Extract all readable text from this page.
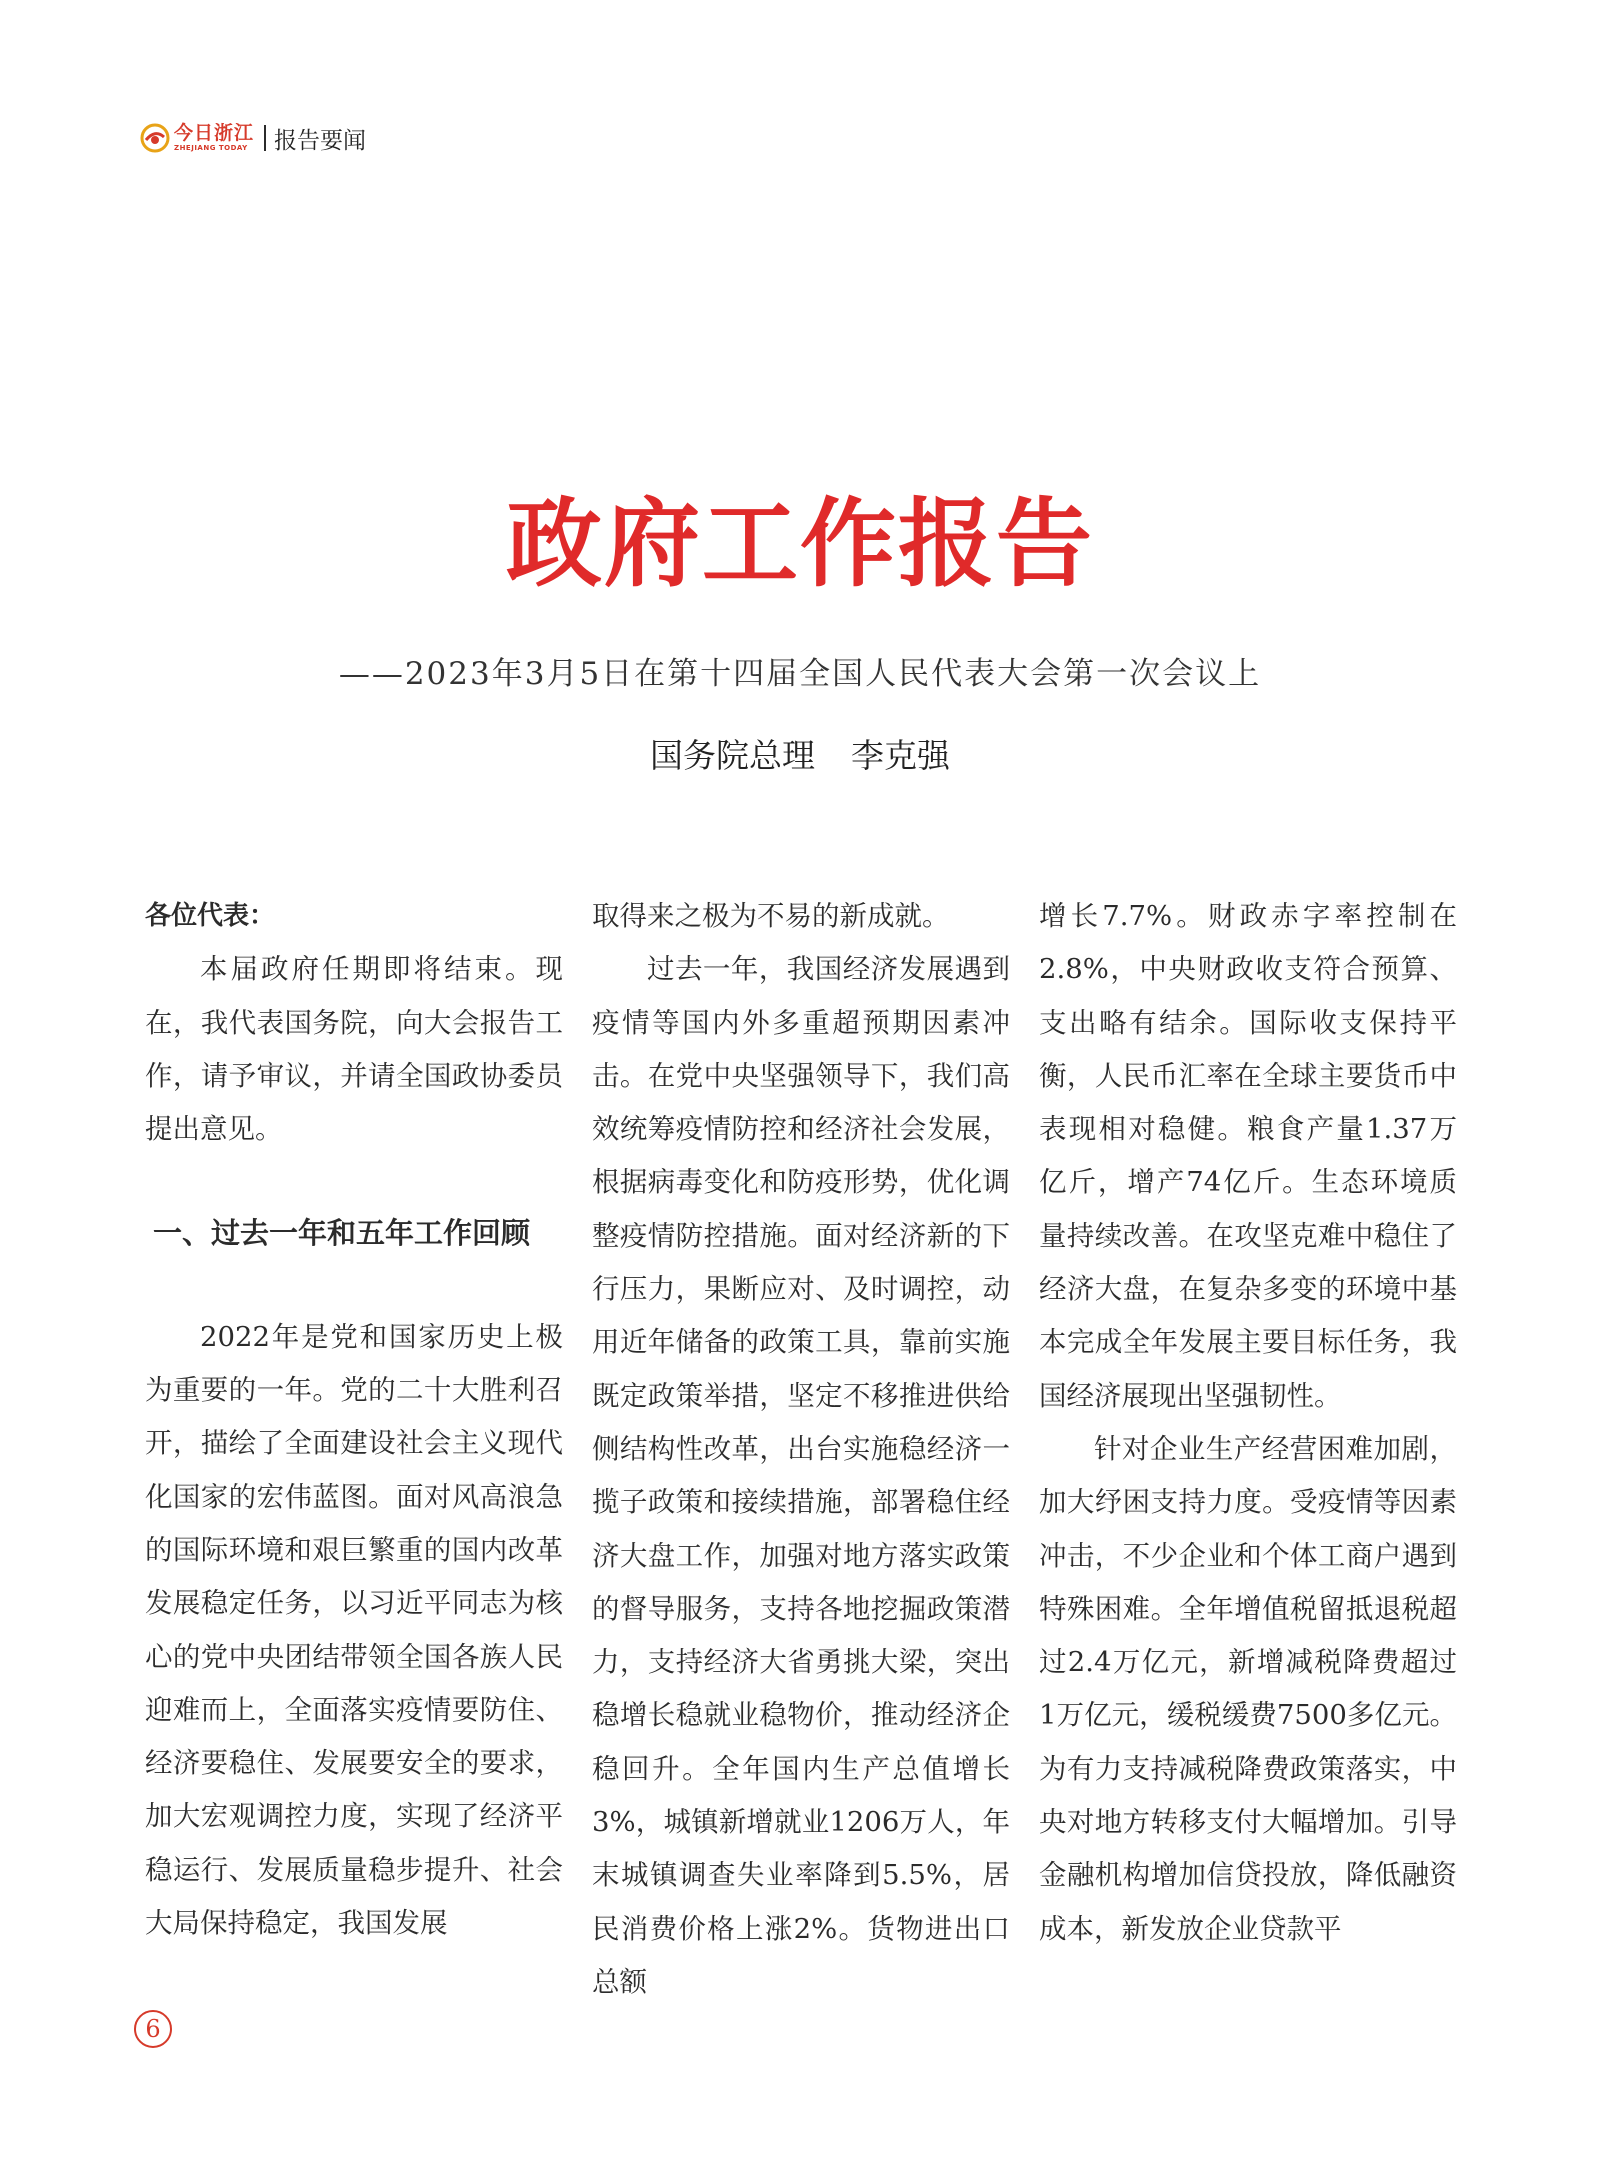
今日浙江
ZHEJIANG TODAY 报告要闻
政府工作报告
——2023年3月5日在第十四届全国人民代表大会第一次会议上
国务院总理 李克强

各位代表：

本届政府任期即将结束。现在，我代表国务院，向大会报告工作，请予审议，并请全国政协委员提出意见。

一、过去一年和五年工作回顾

2022年是党和国家历史上极为重要的一年。党的二十大胜利召开，描绘了全面建设社会主义现代化国家的宏伟蓝图。面对风高浪急的国际环境和艰巨繁重的国内改革发展稳定任务，以习近平同志为核心的党中央团结带领全国各族人民迎难而上，全面落实疫情要防住、经济要稳住、发展要安全的要求，加大宏观调控力度，实现了经济平稳运行、发展质量稳步提升、社会大局保持稳定，我国发展

取得来之极为不易的新成就。

过去一年，我国经济发展遇到疫情等国内外多重超预期因素冲击。在党中央坚强领导下，我们高效统筹疫情防控和经济社会发展，根据病毒变化和防疫形势，优化调整疫情防控措施。面对经济新的下行压力，果断应对、及时调控，动用近年储备的政策工具，靠前实施既定政策举措，坚定不移推进供给侧结构性改革，出台实施稳经济一揽子政策和接续措施，部署稳住经济大盘工作，加强对地方落实政策的督导服务，支持各地挖掘政策潜力，支持经济大省勇挑大梁，突出稳增长稳就业稳物价，推动经济企稳回升。全年国内生产总值增长3%，城镇新增就业1206万人，年末城镇调查失业率降到5.5%，居民消费价格上涨2%。货物进出口总额

增长7.7%。财政赤字率控制在2.8%，中央财政收支符合预算、支出略有结余。国际收支保持平衡，人民币汇率在全球主要货币中表现相对稳健。粮食产量1.37万亿斤，增产74亿斤。生态环境质量持续改善。在攻坚克难中稳住了经济大盘，在复杂多变的环境中基本完成全年发展主要目标任务，我国经济展现出坚强韧性。

针对企业生产经营困难加剧，加大纾困支持力度。受疫情等因素冲击，不少企业和个体工商户遇到特殊困难。全年增值税留抵退税超过2.4万亿元，新增减税降费超过1万亿元，缓税缓费7500多亿元。为有力支持减税降费政策落实，中央对地方转移支付大幅增加。引导金融机构增加信贷投放，降低融资成本，新发放企业贷款平

6
